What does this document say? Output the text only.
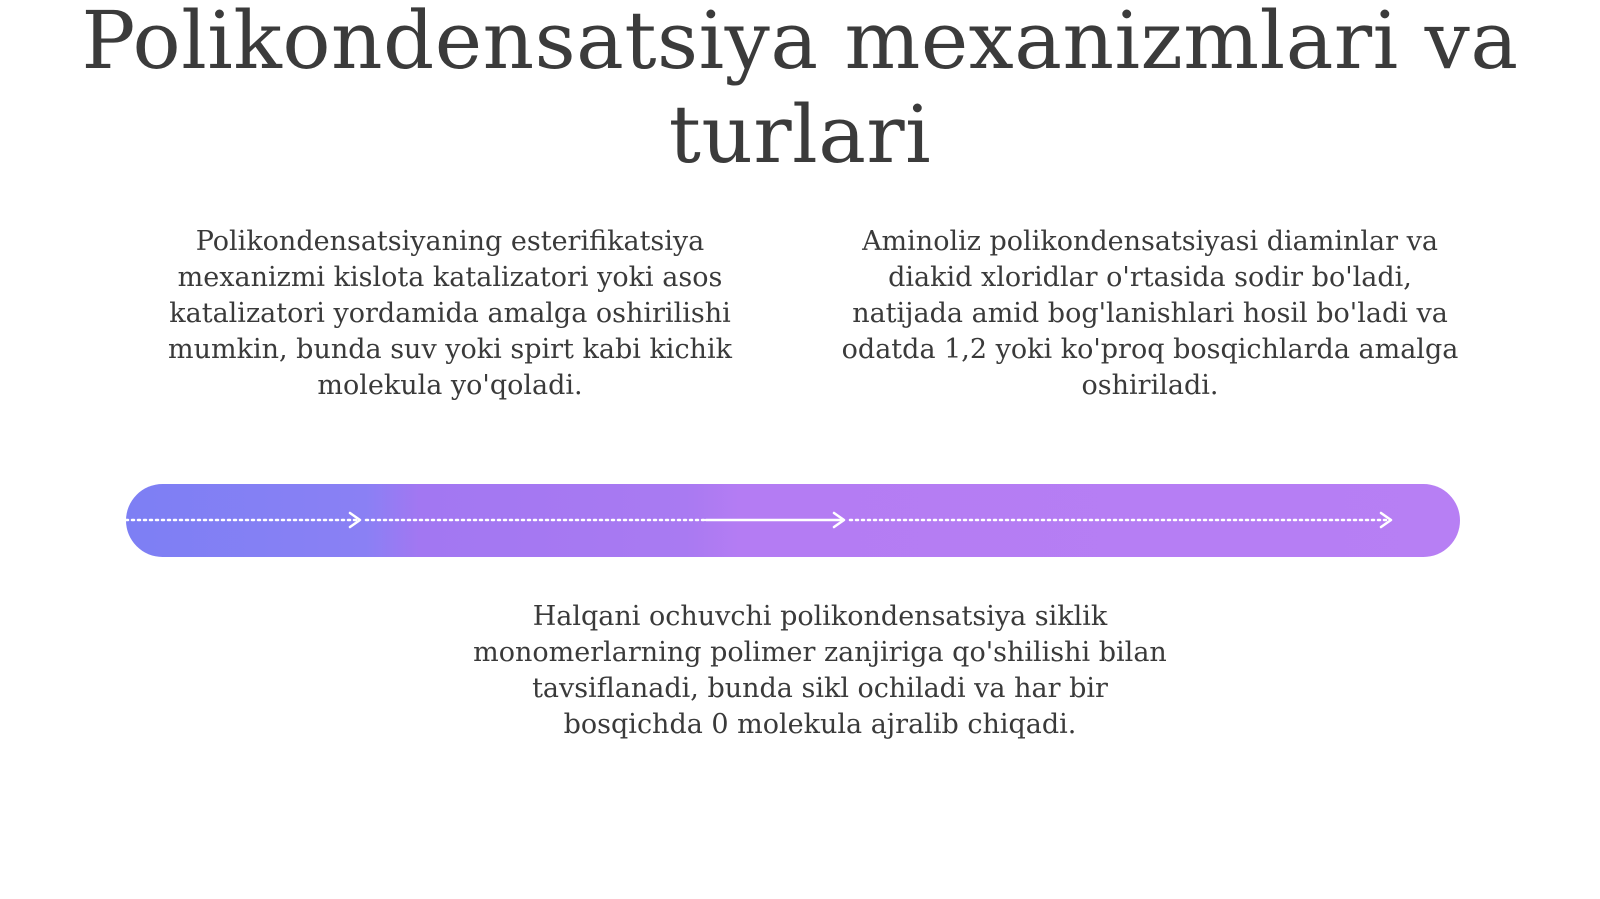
Polikondensatsiya mexanizmlari va turlari

Polikondensatsiyaning esterifikatsiya mexanizmi kislota katalizatori yoki asos katalizatori yordamida amalga oshirilishi mumkin, bunda suv yoki spirt kabi kichik molekula yo'qoladi.

Aminoliz polikondensatsiyasi diaminlar va diakid xloridlar o'rtasida sodir bo'ladi, natijada amid bog'lanishlari hosil bo'ladi va odatda 1,2 yoki ko'proq bosqichlarda amalga oshiriladi.

Halqani ochuvchi polikondensatsiya siklik monomerlarning polimer zanjiriga qo'shilishi bilan tavsiflanadi, bunda sikl ochiladi va har bir bosqichda 0 molekula ajralib chiqadi.
